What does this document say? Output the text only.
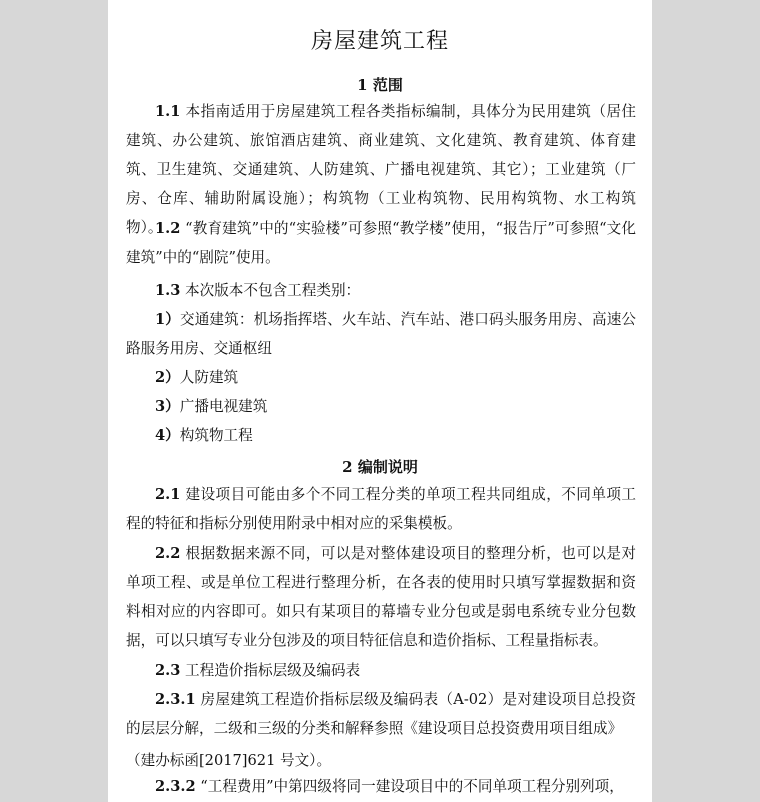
房屋建筑工程
1 范围
1.1 本指南适用于房屋建筑工程各类指标编制，具体分为民用建筑（居住建筑、办公建筑、旅馆酒店建筑、商业建筑、文化建筑、教育建筑、体育建筑、卫生建筑、交通建筑、人防建筑、广播电视建筑、其它）；工业建筑（厂房、仓库、辅助附属设施）；构筑物（工业构筑物、民用构筑物、水工构筑物）。
1.2 “教育建筑”中的“实验楼”可参照“教学楼”使用，“报告厅”可参照“文化建筑”中的“剧院”使用。
1.3 本次版本不包含工程类别：
1）交通建筑：机场指挥塔、火车站、汽车站、港口码头服务用房、高速公路服务用房、交通枢纽
2）人防建筑
3）广播电视建筑
4）构筑物工程
2 编制说明
2.1 建设项目可能由多个不同工程分类的单项工程共同组成，不同单项工程的特征和指标分别使用附录中相对应的采集模板。
2.2 根据数据来源不同，可以是对整体建设项目的整理分析，也可以是对单项工程、或是单位工程进行整理分析，在各表的使用时只填写掌握数据和资料相对应的内容即可。如只有某项目的幕墙专业分包或是弱电系统专业分包数据，可以只填写专业分包涉及的项目特征信息和造价指标、工程量指标表。
2.3 工程造价指标层级及编码表
2.3.1 房屋建筑工程造价指标层级及编码表（A-02）是对建设项目总投资的层层分解，二级和三级的分类和解释参照《建设项目总投资费用项目组成》
（建办标函[2017]621 号文）。
2.3.2 “工程费用”中第四级将同一建设项目中的不同单项工程分别列项，
